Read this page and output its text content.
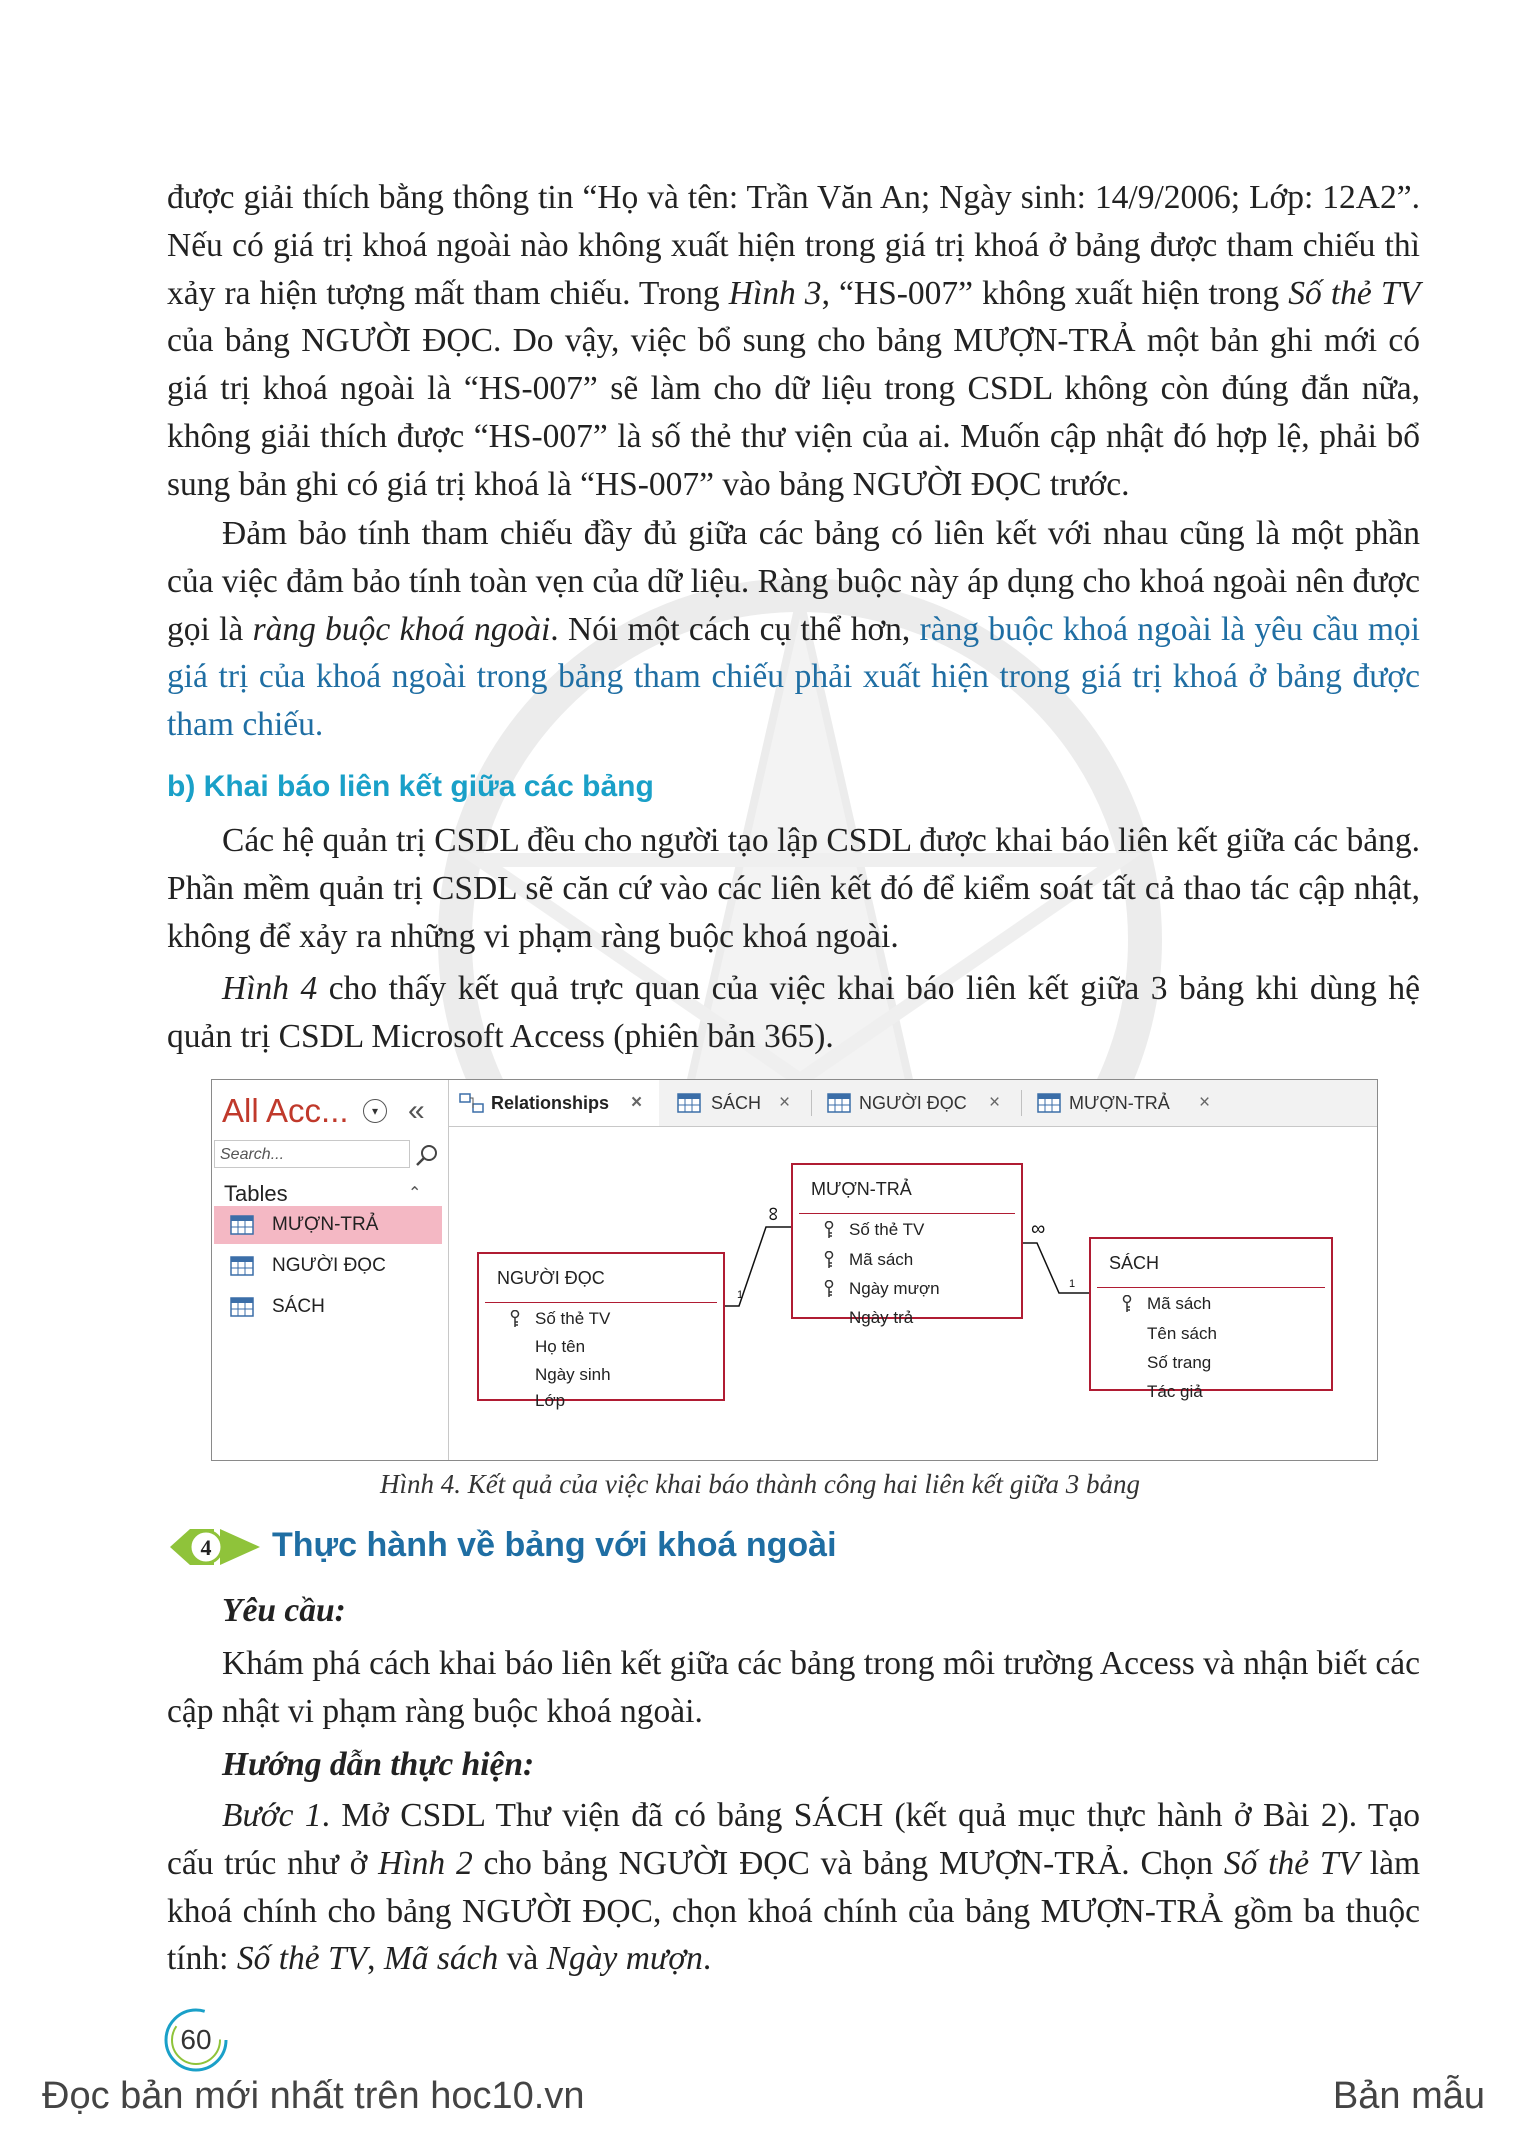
được giải thích bằng thông tin “Họ và tên: Trần Văn An; Ngày sinh: 14/9/2006; Lớp: 12A2”. Nếu có giá trị khoá ngoài nào không xuất hiện trong giá trị khoá ở bảng được tham chiếu thì xảy ra hiện tượng mất tham chiếu. Trong Hình 3, “HS-007” không xuất hiện trong Số thẻ TV của bảng NGƯỜI ĐỌC. Do vậy, việc bổ sung cho bảng MƯỢN-TRẢ một bản ghi mới có giá trị khoá ngoài là “HS-007” sẽ làm cho dữ liệu trong CSDL không còn đúng đắn nữa, không giải thích được “HS-007” là số thẻ thư viện của ai. Muốn cập nhật đó hợp lệ, phải bổ sung bản ghi có giá trị khoá là “HS-007” vào bảng NGƯỜI ĐỌC trước.

Đảm bảo tính tham chiếu đầy đủ giữa các bảng có liên kết với nhau cũng là một phần của việc đảm bảo tính toàn vẹn của dữ liệu. Ràng buộc này áp dụng cho khoá ngoài nên được gọi là ràng buộc khoá ngoài. Nói một cách cụ thể hơn, ràng buộc khoá ngoài là yêu cầu mọi giá trị của khoá ngoài trong bảng tham chiếu phải xuất hiện trong giá trị khoá ở bảng được tham chiếu.

b) Khai báo liên kết giữa các bảng

Các hệ quản trị CSDL đều cho người tạo lập CSDL được khai báo liên kết giữa các bảng. Phần mềm quản trị CSDL sẽ căn cứ vào các liên kết đó để kiểm soát tất cả thao tác cập nhật, không để xảy ra những vi phạm ràng buộc khoá ngoài.

Hình 4 cho thấy kết quả trực quan của việc khai báo liên kết giữa 3 bảng khi dùng hệ quản trị CSDL Microsoft Access (phiên bản 365).

All Acc...	▾ «
Search...
Tables	⌃
MƯỢN-TRẢ
NGƯỜI ĐỌC
SÁCH
Relationships ×	SÁCH ×	NGƯỜI ĐỌC ×	MƯỢN-TRẢ ×
1
∞
∞
1
NGƯỜI ĐỌC
Số thẻ TV
Họ tên
Ngày sinh
Lớp
MƯỢN-TRẢ
Số thẻ TV
Mã sách
Ngày mượn
Ngày trả
SÁCH
Mã sách
Tên sách
Số trang
Tác giả

Hình 4. Kết quả của việc khai báo thành công hai liên kết giữa 3 bảng

4 Thực hành về bảng với khoá ngoài

Yêu cầu:

Khám phá cách khai báo liên kết giữa các bảng trong môi trường Access và nhận biết các cập nhật vi phạm ràng buộc khoá ngoài.

Hướng dẫn thực hiện:

Bước 1. Mở CSDL Thư viện đã có bảng SÁCH (kết quả mục thực hành ở Bài 2). Tạo cấu trúc như ở Hình 2 cho bảng NGƯỜI ĐỌC và bảng MƯỢN-TRẢ. Chọn Số thẻ TV làm khoá chính cho bảng NGƯỜI ĐỌC, chọn khoá chính của bảng MƯỢN-TRẢ gồm ba thuộc tính: Số thẻ TV, Mã sách và Ngày mượn.

60
Đọc bản mới nhất trên hoc10.vn	Bản mẫu
